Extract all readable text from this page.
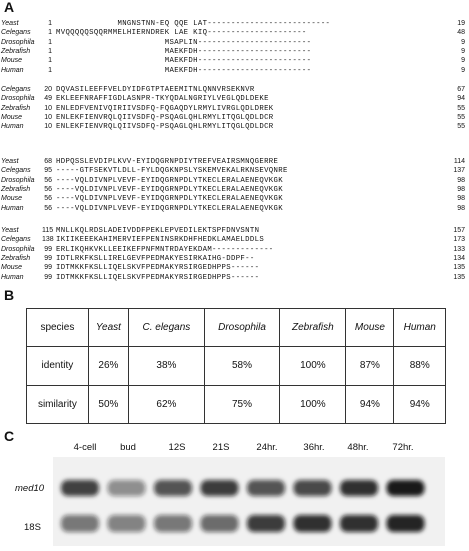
A
Yeast	1 MNGNSTNN-EQ QQE LAT--------------------------	19
Celegans	1 MVQQQQQSQQRMMELHIERNDREK LAE KIQ---------------------	48
Drosophila	1 MSAPLIN------------------------	9
Zebrafish	1 MAEKFDH------------------------	9
Mouse	1 MAEKFDH------------------------	9
Human	1 MAEKFDH------------------------	9
Celegans	20 DQVASILEEFFVELDYIDFGTPTAEEMITNLQNNVRSEKNVR	67
Drosophila	49 EKLEEFNRAFFIGDLASNPR-TKYQDALNGRIYLVEGLQDLDEKE	94
Zebrafish	10 ENLEDFVENIVQIRIIVSDFQ-FQGAQDYLRMYLIVRGLQDLDREK	55
Mouse	10 ENLEKFIENVRQLQIIVSDFQ-PSQAGLQHLRMYLITQGLQDLDCR	55
Human	10 ENLEKFIENVRQLQIIVSDFQ-PSQAGLQHLRMYLITQGLQDLDCR	55
Yeast	68 HDPQSSLEVDIPLKVV-EYIDQGRNPDIYTREFVEAIRSMNQGERRE	114
Celegans	95 -----GTFSEKVTLDLL-FYLDQGKNPSLYSKEMVEKALRKNSEVQNRE	137
Drosophila	56 ----VQLDIVNPLVEVF-EYIDQGRNPDLYTKECLERALAENEQVKGK	98
Zebrafish	56 ----VQLDIVNPLVEVF-EYIDQGRNPDLYTKECLERALAENEQVKGK	98
Mouse	56 ----VQLDIVNPLVEVF-EYIDQGRNPDLYTKECLERALAENEQVKGK	98
Human	56 ----VQLDIVNPLVEVF-EYIDQGRNPDLYTKECLERALAENEQVKGK	98
Yeast	115 MNLLKQLRDSLADEIVDDFPEKLEPVEDILEKTSPFDNVSNTN	157
Celegans 138 IKIIKEEEKAHIMERVIEFPENINSRKDHFHEDKLAMAELDDLS	173
Drosophila	99 ERLIKQHKVKLLEEIKEFPNFMNTRDAYEKDAM-------------	133
Zebrafish	99 IDTLRKFKSLLIRELGEVFPEDMAKYESIRKAIHG-DDPF--	134
Mouse	99 IDTMKKFKSLLIQELSKVFPEDMAKYRSIRGEDHPPS------	135
Human	99 IDTMKKFKSLLIQELSKVFPEDMAKYRSIRGEDHPPS------	135
B
species	Yeast	C. elegans	Drosophila	Zebrafish	Mouse	Human
identity	26%	38%	58%	100%	87%	88%
similarity	50%	62%	75%	100%	94%	94%
C
4-cell	bud	12S	21S	24hr.	36hr.	48hr.	72hr.
med10
18S
